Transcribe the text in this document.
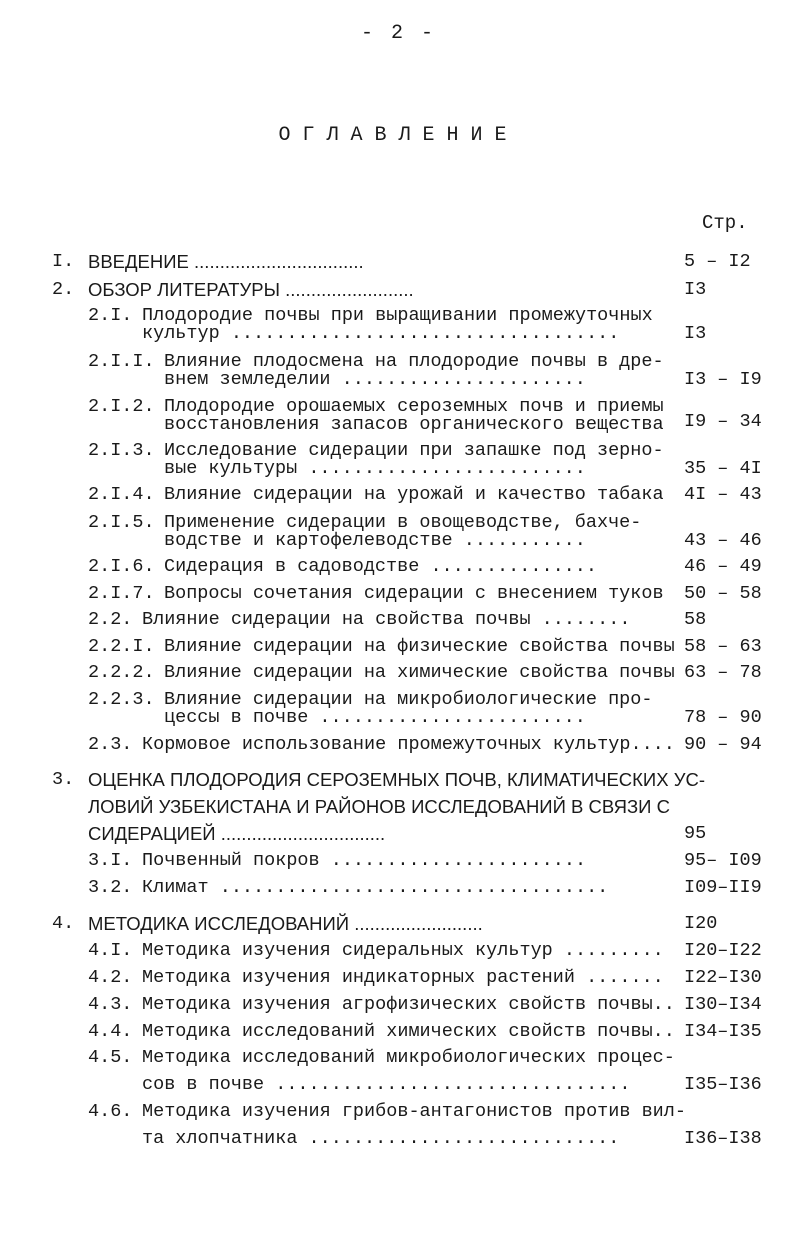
- 2 -
ОГЛАВЛЕНИЕ
Стр.
I. ВВЕДЕНИЕ .................................	5 – I2
2. ОБЗОР ЛИТЕРАТУРЫ .........................	I3
2.I. Плодородие почвы при выращивании промежуточных
культур ...................................	I3
2.I.I. Влияние плодосмена на плодородие почвы в дре-
внем земледелии ......................	I3 – I9
2.I.2. Плодородие орошаемых сероземных почв и приемы
восстановления запасов органического вещества I9 – 34
2.I.3. Исследование сидерации при запашке под зерно-
вые культуры .........................	35 – 4I
2.I.4. Влияние сидерации на урожай и качество табака 4I – 43
2.I.5. Применение сидерации в овощеводстве, бахче-
водстве и картофелеводстве ...........	43 – 46
2.I.6. Сидерация в садоводстве ...............	46 – 49
2.I.7. Вопросы сочетания сидерации с внесением туков 50 – 58
2.2. Влияние сидерации на свойства почвы ........	58
2.2.I. Влияние сидерации на физические свойства почвы 58 – 63
2.2.2. Влияние сидерации на химические свойства почвы 63 – 78
2.2.3. Влияние сидерации на микробиологические про-
цессы в почве ........................	78 – 90
2.3. Кормовое использование промежуточных культур.... 90 – 94
3. ОЦЕНКА ПЛОДОРОДИЯ СЕРОЗЕМНЫХ ПОЧВ, КЛИМАТИЧЕСКИХ УС-
ЛОВИЙ УЗБЕКИСТАНА И РАЙОНОВ ИССЛЕДОВАНИЙ В СВЯЗИ С
СИДЕРАЦИЕЙ ................................	95
3.I. Почвенный покров .......................	95– I09
3.2. Климат ...................................	I09–II9
4. МЕТОДИКА ИССЛЕДОВАНИЙ .........................	I20
4.I. Методика изучения сидеральных культур ......... I20–I22
4.2. Методика изучения индикаторных растений ....... I22–I30
4.3. Методика изучения агрофизических свойств почвы.. I30–I34
4.4. Методика исследований химических свойств почвы.. I34–I35
4.5. Методика исследований микробиологических процес-
сов в почве ................................	I35–I36
4.6. Методика изучения грибов-антагонистов против вил-
та хлопчатника ............................	I36–I38
